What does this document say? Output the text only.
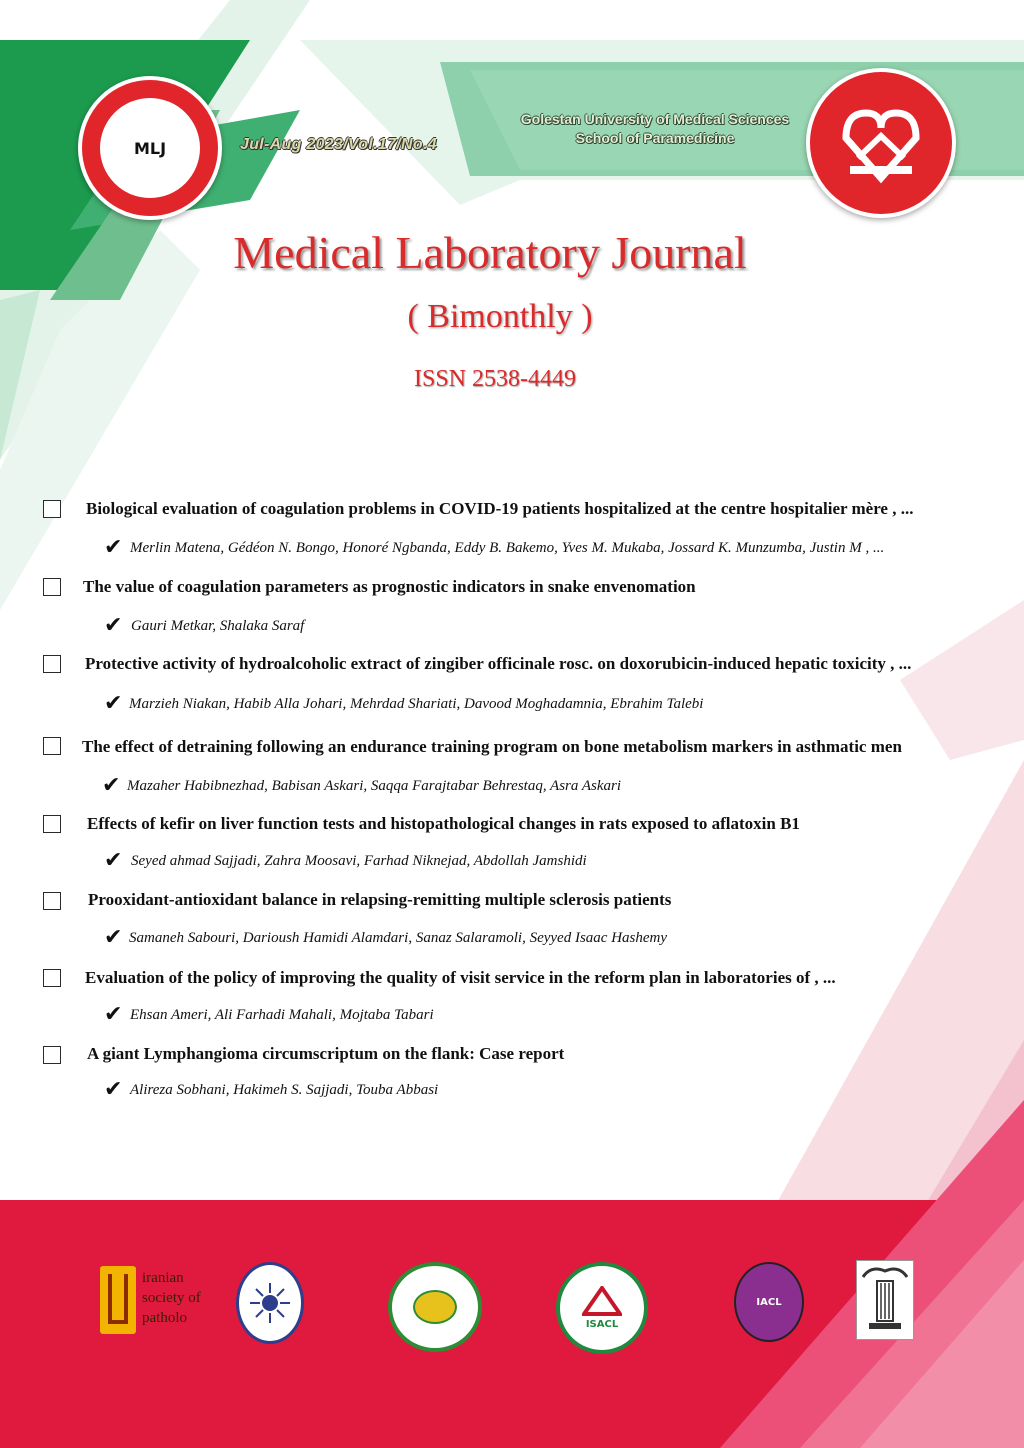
MLJ	Jul-Aug 2023/Vol.17/No.4
Golestan University of Medical Sciences
School of Paramedicine
Medical Laboratory Journal
( Bimonthly )
ISSN 2538-4449
Biological evaluation of coagulation problems in COVID-19 patients hospitalized at the centre hospitalier mère , ...
✔ Merlin Matena, Gédéon N. Bongo, Honoré Ngbanda, Eddy B. Bakemo, Yves M. Mukaba, Jossard K. Munzumba, Justin M , ...
The value of coagulation parameters as prognostic indicators in snake envenomation
✔ Gauri Metkar, Shalaka Saraf
Protective activity of hydroalcoholic extract of zingiber officinale rosc. on doxorubicin-induced hepatic toxicity , ...
✔ Marzieh Niakan, Habib Alla Johari, Mehrdad Shariati, Davood Moghadamnia, Ebrahim Talebi
The effect of detraining following an endurance training program on bone metabolism markers in asthmatic men
✔ Mazaher Habibnezhad, Babisan Askari, Saqqa Farajtabar Behrestaq, Asra Askari
Effects of kefir on liver function tests and histopathological changes in rats exposed to aflatoxin B1
✔ Seyed ahmad Sajjadi, Zahra Moosavi, Farhad Niknejad, Abdollah Jamshidi
Prooxidant-antioxidant balance in relapsing-remitting multiple sclerosis patients
✔ Samaneh Sabouri, Darioush Hamidi Alamdari, Sanaz Salaramoli, Seyyed Isaac Hashemy
Evaluation of the policy of improving the quality of visit service in the reform plan in laboratories of , ...
✔ Ehsan Ameri, Ali Farhadi Mahali, Mojtaba Tabari
A giant Lymphangioma circumscriptum on the flank: Case report
✔ Alireza Sobhani, Hakimeh S. Sajjadi, Touba Abbasi
iranian
society of
patholo	ISACL
IACL
